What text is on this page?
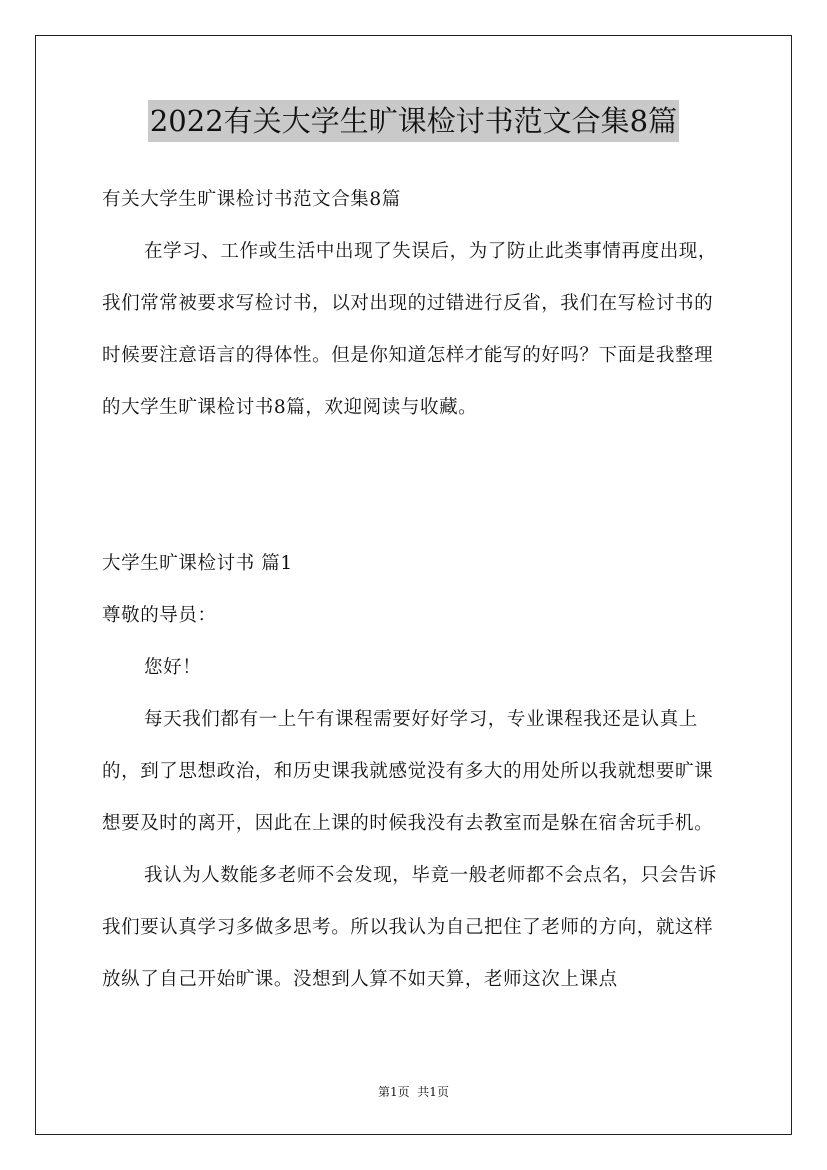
2022有关大学生旷课检讨书范文合集8篇

有关大学生旷课检讨书范文合集8篇

在学习、工作或生活中出现了失误后，为了防止此类事情再度出现，我们常常被要求写检讨书，以对出现的过错进行反省，我们在写检讨书的时候要注意语言的得体性。但是你知道怎样才能写的好吗？下面是我整理的大学生旷课检讨书8篇，欢迎阅读与收藏。

大学生旷课检讨书 篇1

尊敬的导员：

您好！

每天我们都有一上午有课程需要好好学习，专业课程我还是认真上的，到了思想政治，和历史课我就感觉没有多大的用处所以我就想要旷课想要及时的离开，因此在上课的时候我没有去教室而是躲在宿舍玩手机。

我认为人数能多老师不会发现，毕竟一般老师都不会点名，只会告诉我们要认真学习多做多思考。所以我认为自己把住了老师的方向，就这样放纵了自己开始旷课。没想到人算不如天算，老师这次上课点

第1页  共1页
